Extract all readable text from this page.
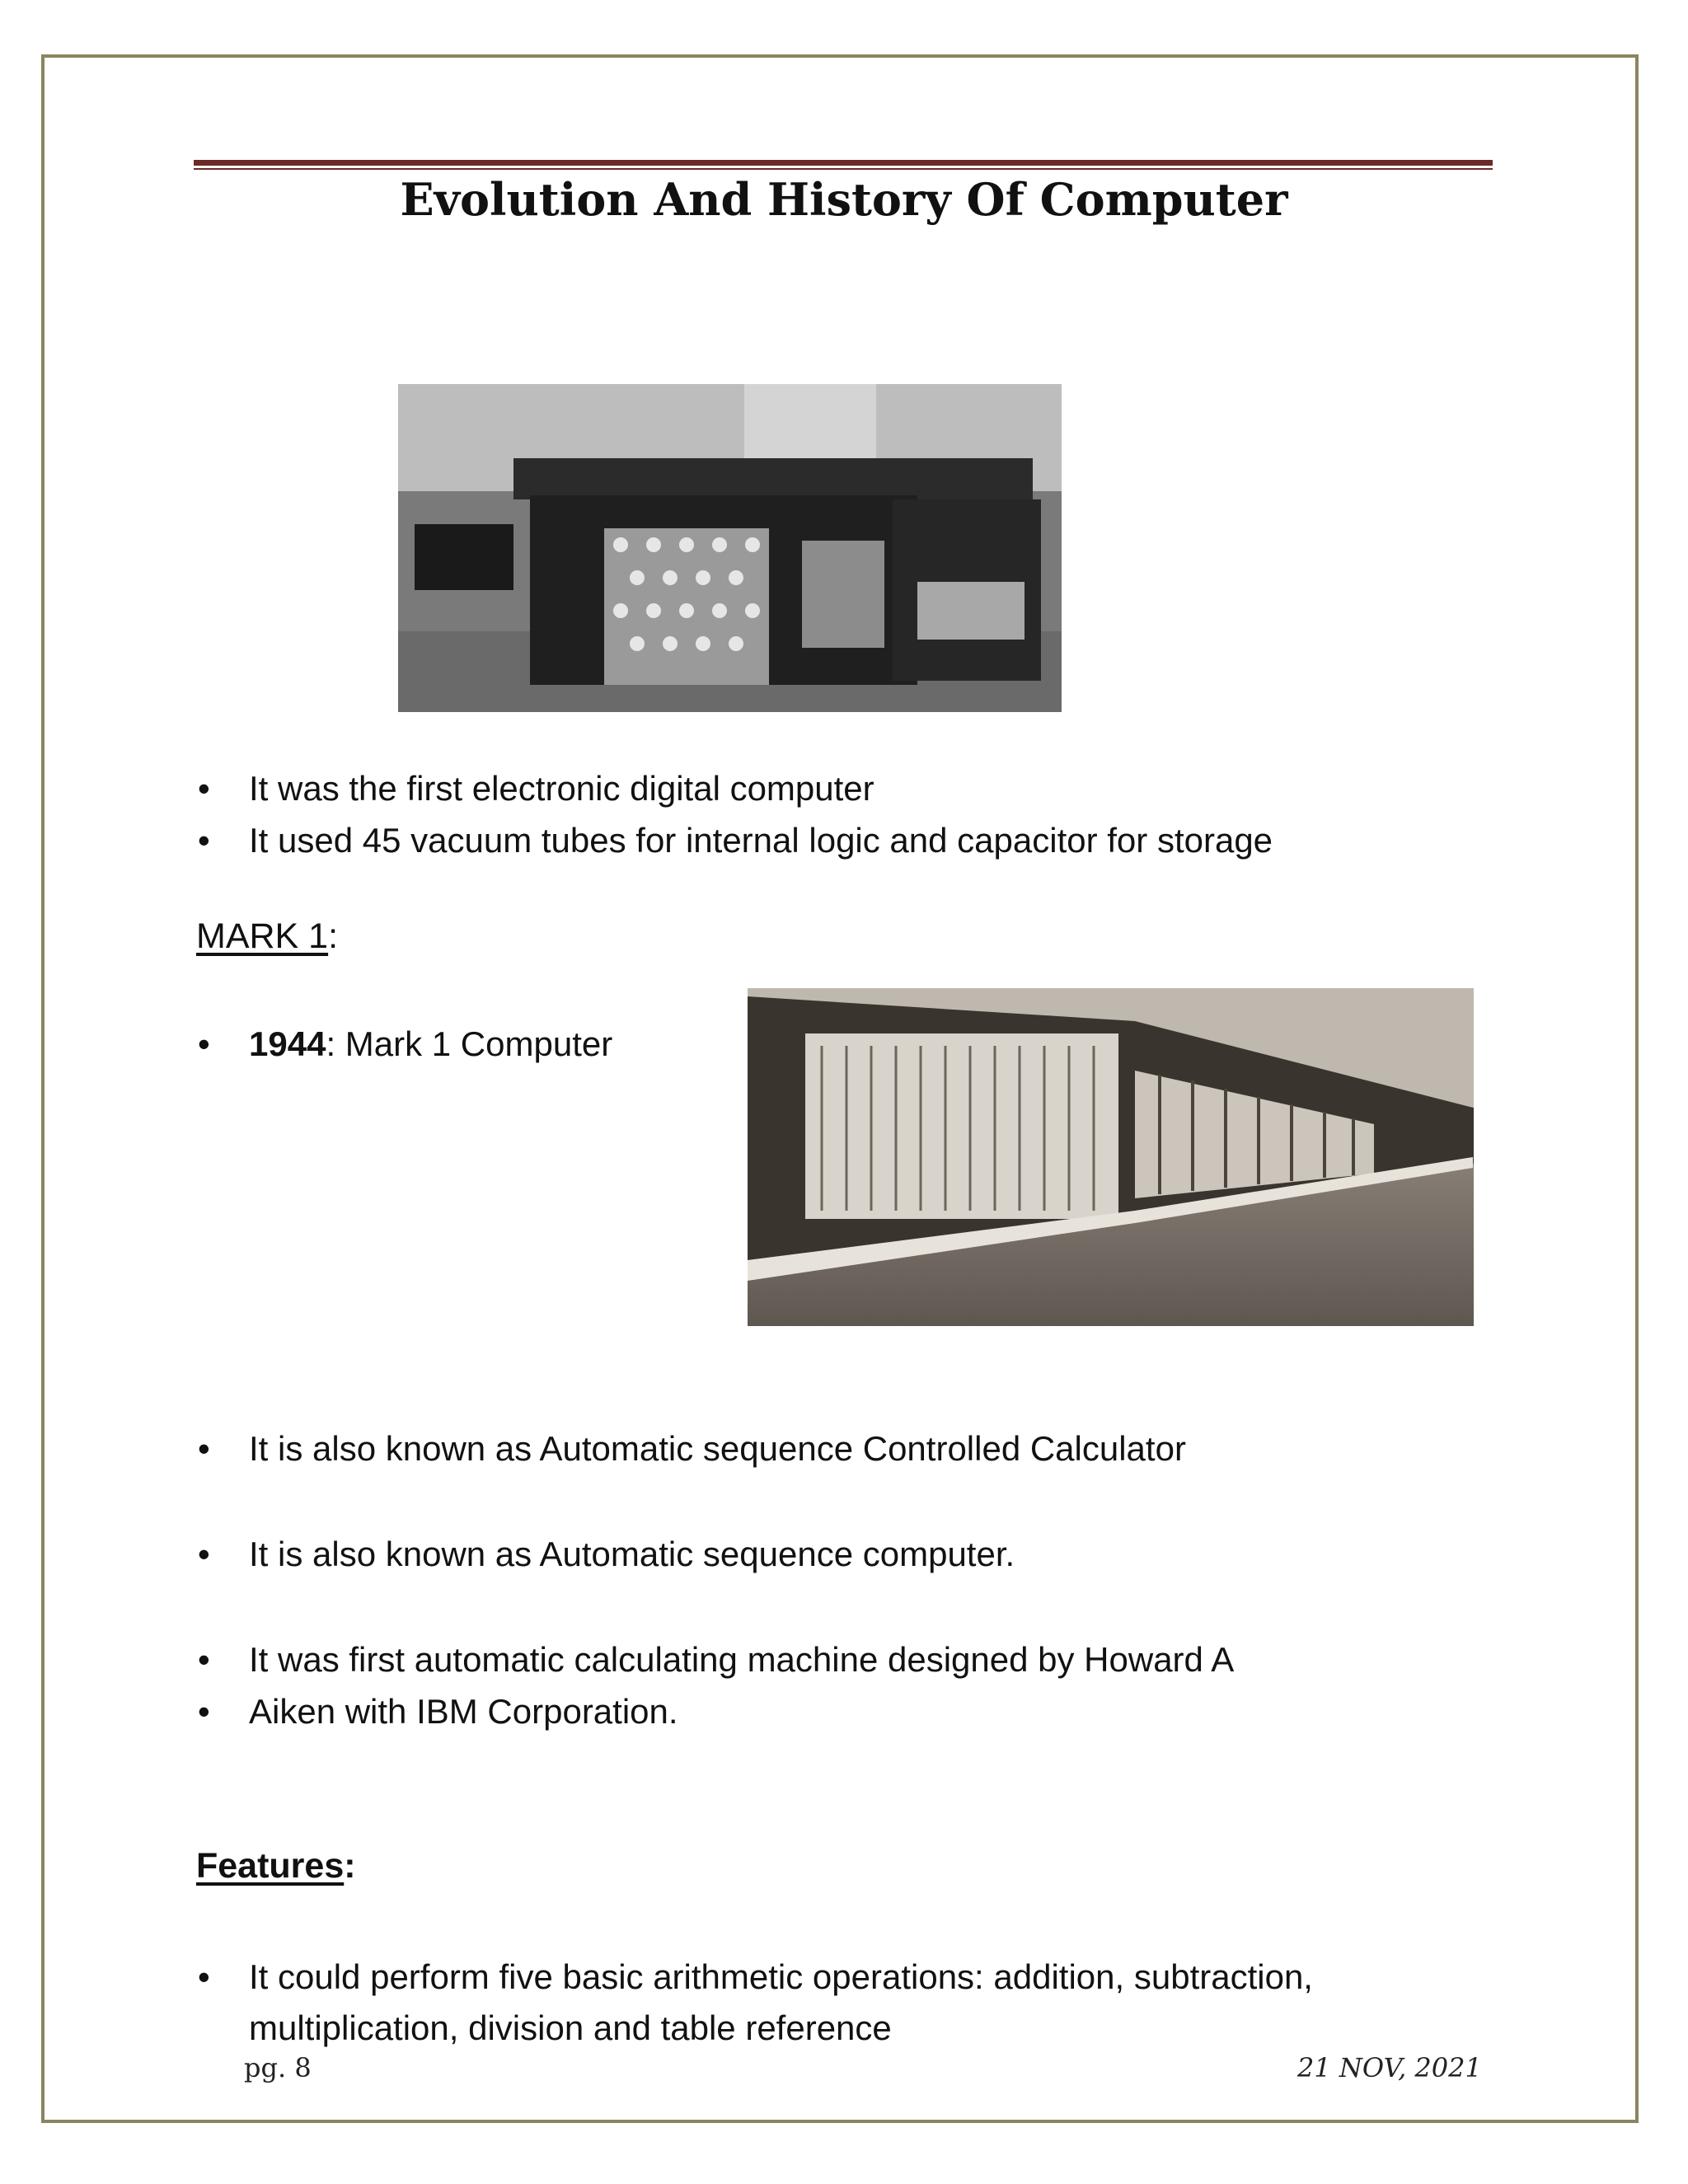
Evolution And History Of Computer

• It was the first electronic digital computer

• It used 45 vacuum tubes for internal logic and capacitor for storage

MARK 1:

• 1944: Mark 1 Computer

• It is also known as Automatic sequence Controlled Calculator

• It is also known as Automatic sequence computer.

• It was first automatic calculating machine designed by Howard A

• Aiken with IBM Corporation.

Features:

• It could perform five basic arithmetic operations: addition, subtraction, multiplication, division and table reference

pg. 8	21 NOV, 2021
